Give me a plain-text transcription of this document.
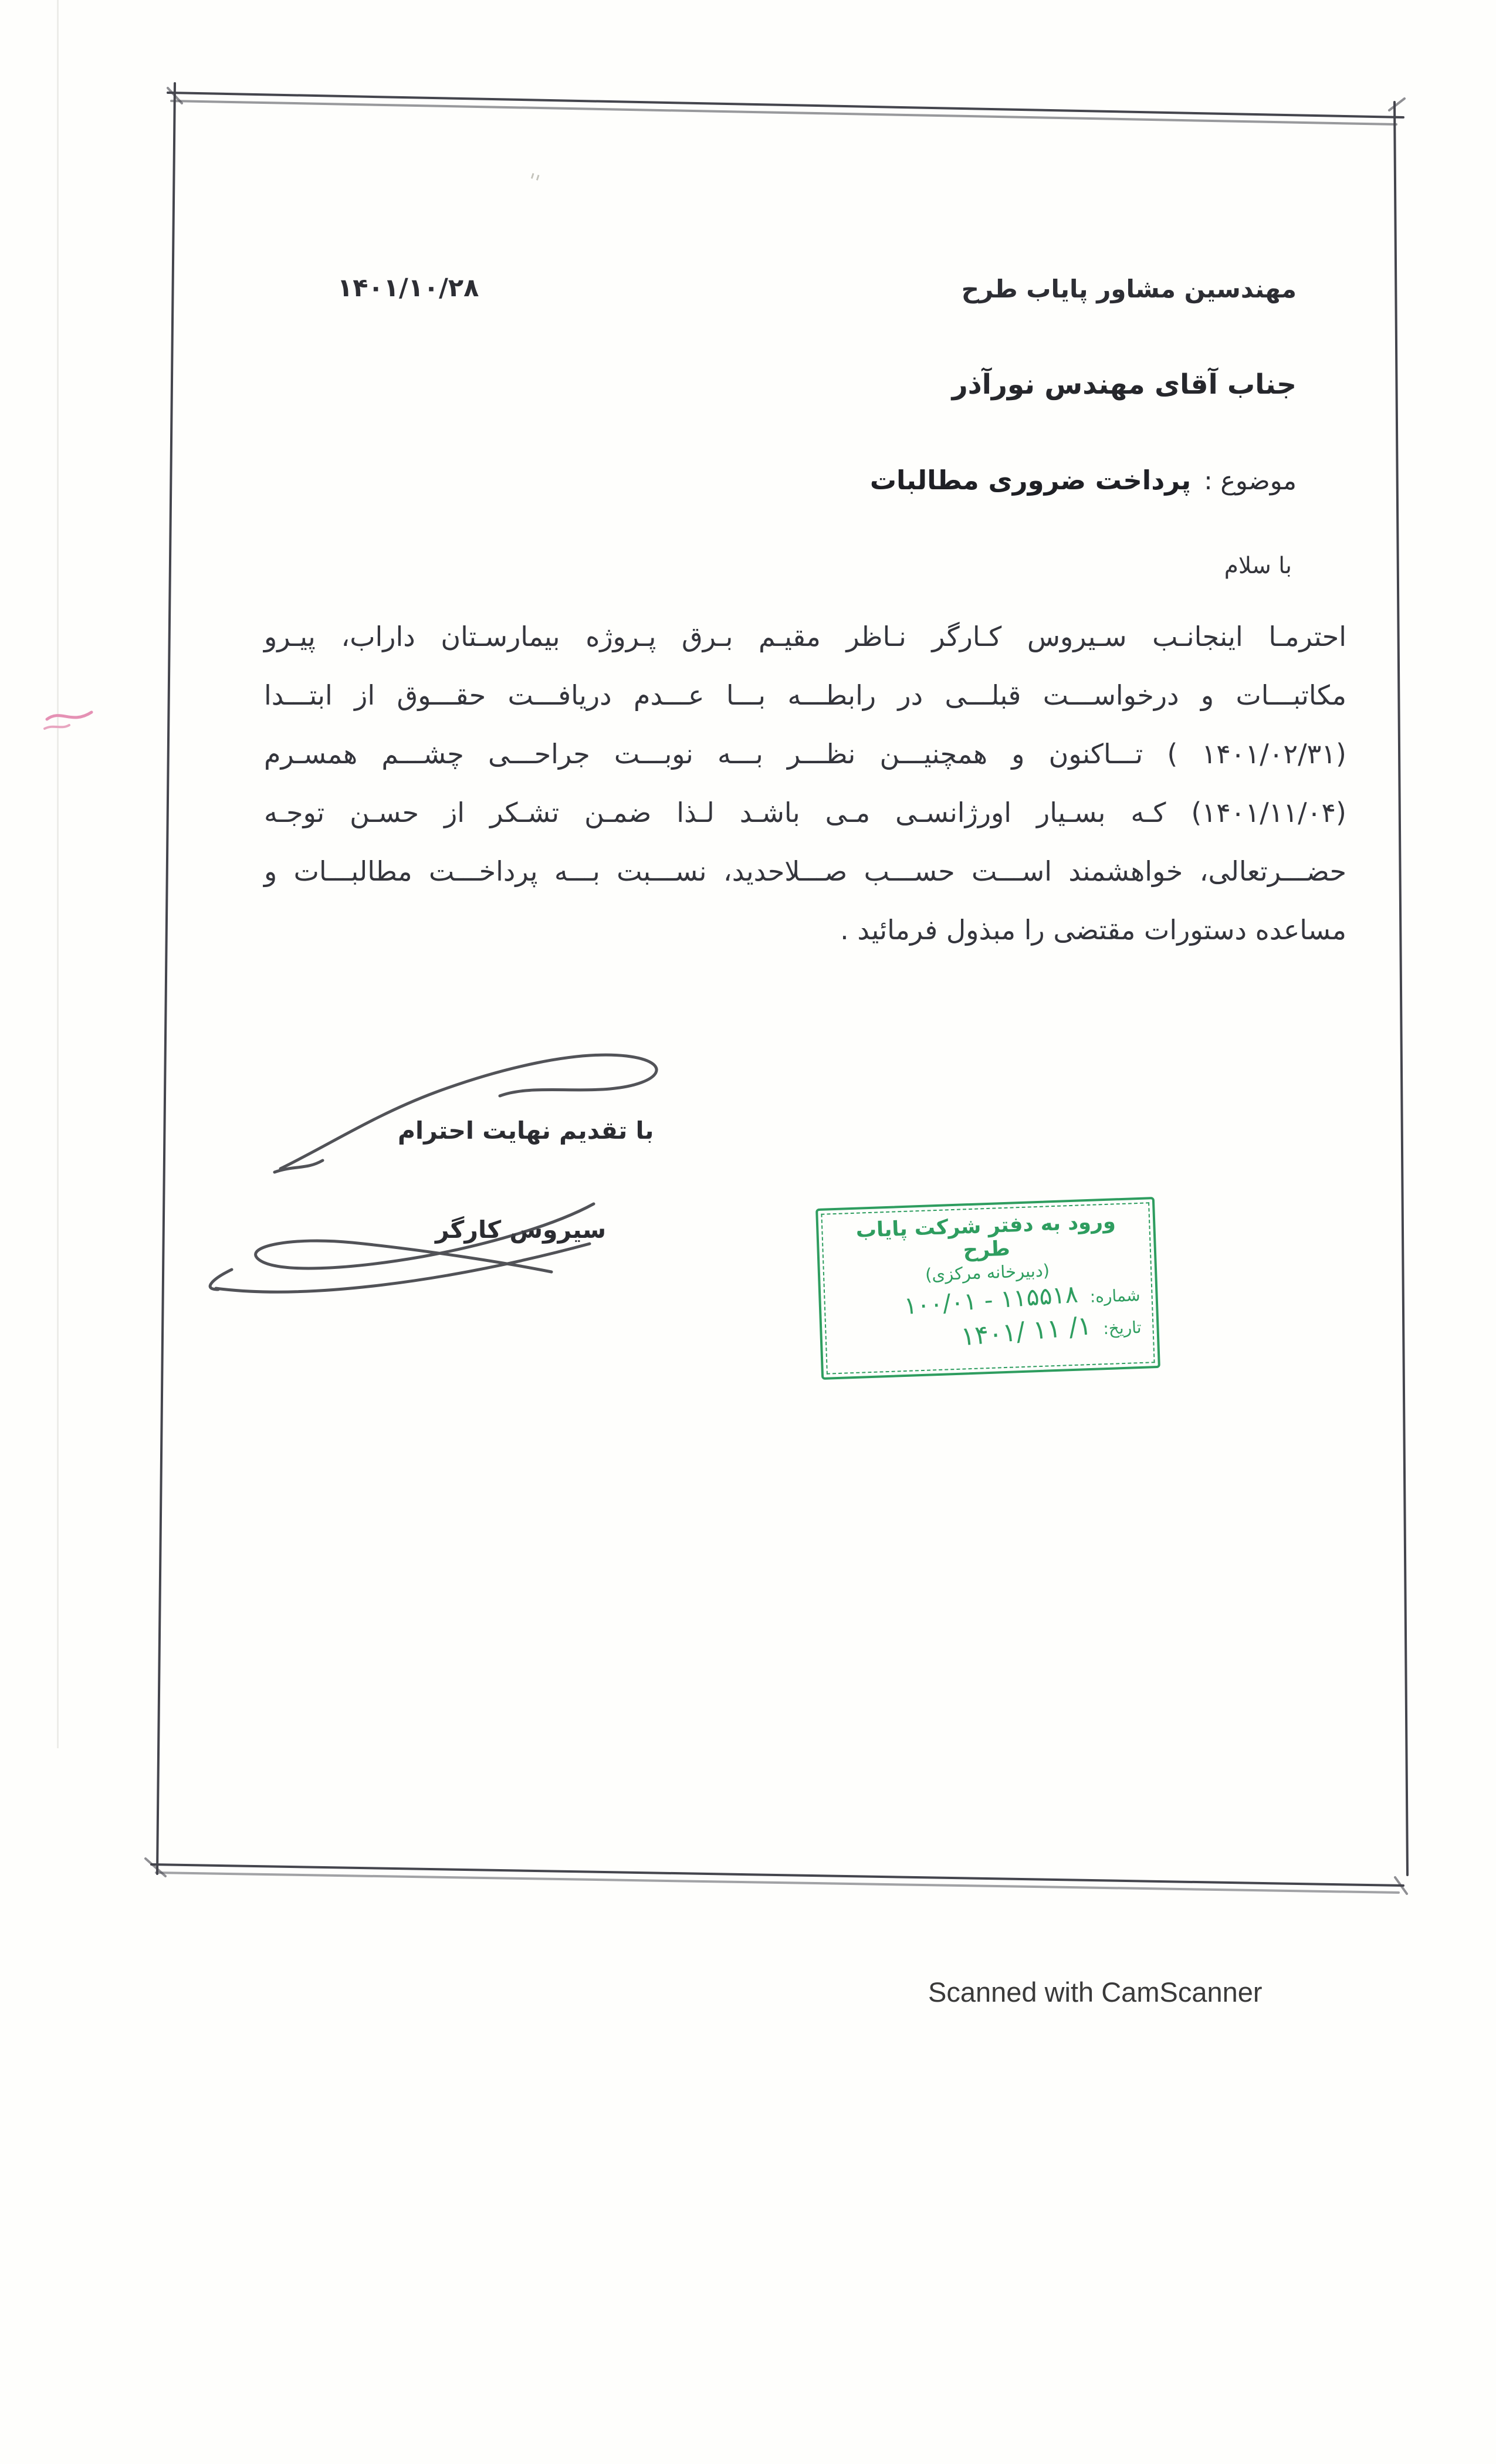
''
مهندسین مشاور پایاب طرح
۱۴۰۱/۱۰/۲۸
جناب آقای مهندس نورآذر
موضوع :
پرداخت ضروری مطالبات
با سلام
احترمـا اینجانـب سـیروس کـارگر نـاظر مقیـم بـرق پـروژه بیمارسـتان داراب، پیـرو
مکاتبـــات و درخواســـت قبلـــی در رابطـــه بـــا عـــدم دریافـــت حقـــوق از ابتـــدا
(۱۴۰۱/۰۲/۳۱ ) تـــاکنون و همچنیـــن نظـــر بـــه نوبـــت جراحـــی چشـــم همسـرم
(۱۴۰۱/۱۱/۰۴) کـه بسـیار اورژانسـی مـی باشـد لـذا ضمـن تشـکر از حسـن توجـه
حضـــرتعالی، خواهشمند اســـت حســـب صـــلاحدید، نســـبت بـــه پرداخـــت مطالبـــات و
مساعده دستورات مقتضی را مبذول فرمائید .
با تقدیم نهایت احترام
سیروس کارگر	ورود به دفتر شرکت پایاب طرح
(دبیرخانه مرکزی)
شماره:
۱۰۰/۰۱ - ۱۱۵۵۱۸
تاریخ:
۱۴۰۱/ ۱۱ /۱
Scanned with CamScanner
